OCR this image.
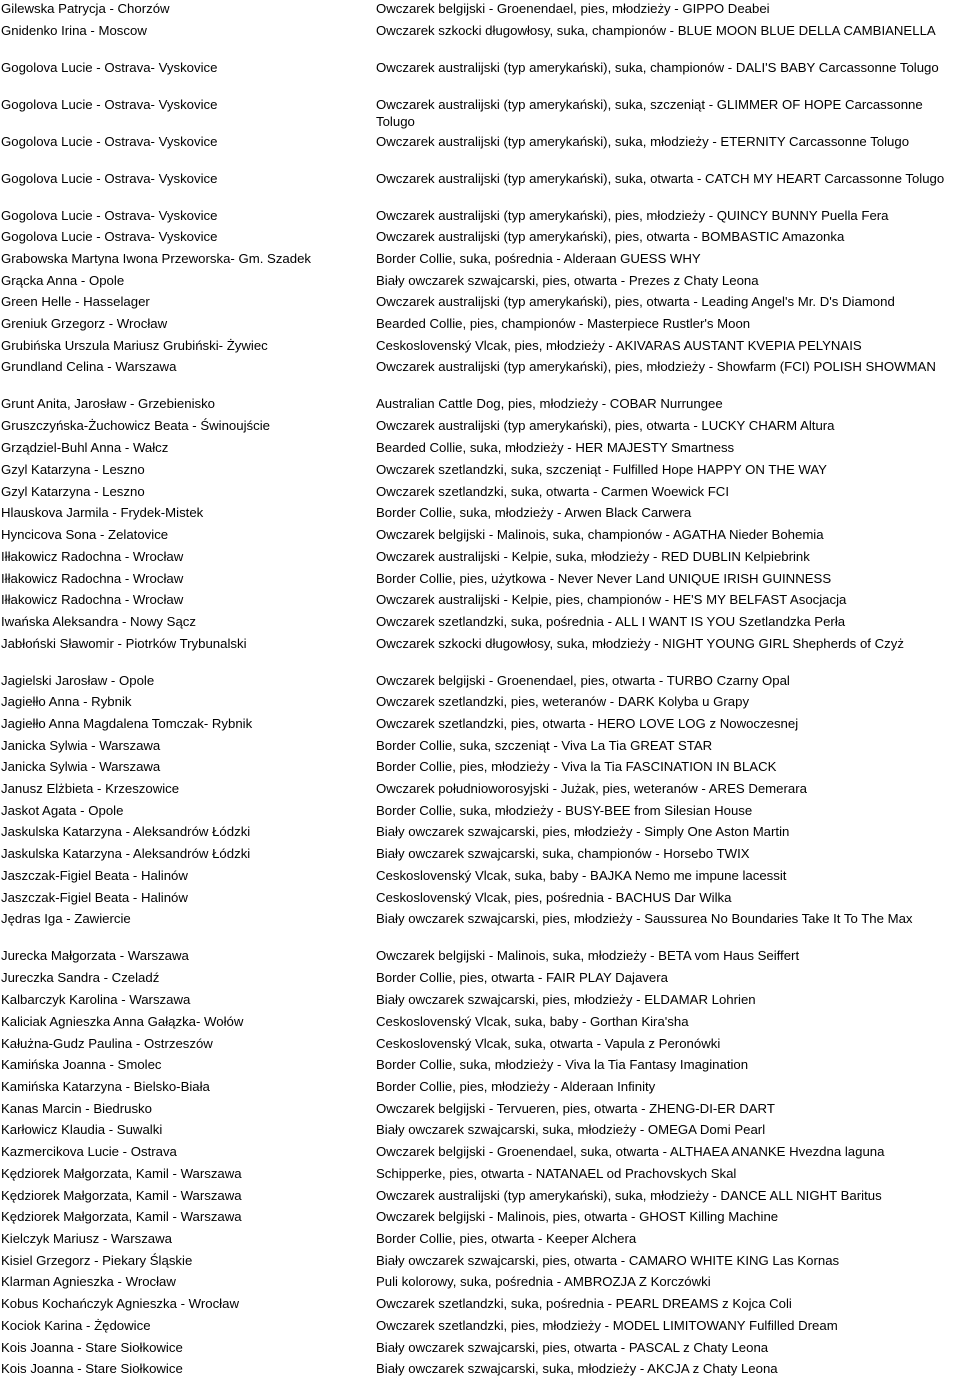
Gilewska Patrycja - Chorzów	Owczarek belgijski - Groenendael, pies, młodzieży - GIPPO Deabei
Gnidenko Irina - Moscow	Owczarek szkocki długowłosy, suka, championów - BLUE MOON BLUE DELLA CAMBIANELLA
Gogolova Lucie - Ostrava- Vyskovice	Owczarek australijski (typ amerykański), suka, championów - DALI'S BABY Carcassonne Tolugo
Gogolova Lucie - Ostrava- Vyskovice	Owczarek australijski (typ amerykański), suka, szczeniąt - GLIMMER OF HOPE Carcassonne Tolugo
Gogolova Lucie - Ostrava- Vyskovice	Owczarek australijski (typ amerykański), suka, młodzieży - ETERNITY Carcassonne Tolugo
Gogolova Lucie - Ostrava- Vyskovice	Owczarek australijski (typ amerykański), suka, otwarta - CATCH MY HEART Carcassonne Tolugo
Gogolova Lucie - Ostrava- Vyskovice	Owczarek australijski (typ amerykański), pies, młodzieży - QUINCY BUNNY Puella Fera
Gogolova Lucie - Ostrava- Vyskovice	Owczarek australijski (typ amerykański), pies, otwarta - BOMBASTIC Amazonka
Grabowska Martyna Iwona Przeworska- Gm. Szadek	Border Collie, suka, pośrednia - Alderaan GUESS WHY
Grącka Anna - Opole	Biały owczarek szwajcarski, pies, otwarta - Prezes z Chaty Leona
Green Helle - Hasselager	Owczarek australijski (typ amerykański), pies, otwarta - Leading Angel's Mr. D's Diamond
Greniuk Grzegorz - Wrocław	Bearded Collie, pies, championów - Masterpiece Rustler's Moon
Grubińska Urszula Mariusz Grubiński- Żywiec	Ceskoslovenský Vlcak, pies, młodzieży - AKIVARAS AUSTANT KVEPIA PELYNAIS
Grundland Celina - Warszawa	Owczarek australijski (typ amerykański), pies, młodzieży - Showfarm (FCI) POLISH SHOWMAN
Grunt Anita, Jarosław - Grzebienisko	Australian Cattle Dog, pies, młodzieży - COBAR Nurrungee
Gruszczyńska-Żuchowicz Beata - Świnoujście	Owczarek australijski (typ amerykański), pies, otwarta - LUCKY CHARM Altura
Grządziel-Buhl Anna - Wałcz	Bearded Collie, suka, młodzieży - HER MAJESTY Smartness
Gzyl Katarzyna - Leszno	Owczarek szetlandzki, suka, szczeniąt - Fulfilled Hope HAPPY ON THE WAY
Gzyl Katarzyna - Leszno	Owczarek szetlandzki, suka, otwarta - Carmen Woewick FCI
Hlauskova Jarmila - Frydek-Mistek	Border Collie, suka, młodzieży - Arwen Black Carwera
Hyncicova Sona - Zelatovice	Owczarek belgijski - Malinois, suka, championów - AGATHA Nieder Bohemia
Iłłakowicz Radochna - Wrocław	Owczarek australijski - Kelpie, suka, młodzieży - RED DUBLIN Kelpiebrink
Iłłakowicz Radochna - Wrocław	Border Collie, pies, użytkowa - Never Never Land UNIQUE IRISH GUINNESS
Iłłakowicz Radochna - Wrocław	Owczarek australijski - Kelpie, pies, championów - HE'S MY BELFAST Asocjacja
Iwańska Aleksandra - Nowy Sącz	Owczarek szetlandzki, suka, pośrednia - ALL I WANT IS YOU Szetlandzka Perła
Jabłoński Sławomir - Piotrków Trybunalski	Owczarek szkocki długowłosy, suka, młodzieży - NIGHT YOUNG GIRL Shepherds of Czyż
Jagielski Jarosław - Opole	Owczarek belgijski - Groenendael, pies, otwarta - TURBO Czarny Opal
Jagiełło Anna - Rybnik	Owczarek szetlandzki, pies, weteranów - DARK Kolyba u Grapy
Jagiełło Anna Magdalena Tomczak- Rybnik	Owczarek szetlandzki, pies, otwarta - HERO LOVE LOG z Nowoczesnej
Janicka Sylwia - Warszawa	Border Collie, suka, szczeniąt - Viva La Tia GREAT STAR
Janicka Sylwia - Warszawa	Border Collie, pies, młodzieży - Viva la Tia FASCINATION IN BLACK
Janusz Elżbieta - Krzeszowice	Owczarek południoworosyjski - Jużak, pies, weteranów - ARES Demerara
Jaskot Agata - Opole	Border Collie, suka, młodzieży - BUSY-BEE from Silesian House
Jaskulska Katarzyna - Aleksandrów Łódzki	Biały owczarek szwajcarski, pies, młodzieży - Simply One Aston Martin
Jaskulska Katarzyna - Aleksandrów Łódzki	Biały owczarek szwajcarski, suka, championów - Horsebo TWIX
Jaszczak-Figiel Beata - Halinów	Ceskoslovenský Vlcak, suka, baby - BAJKA Nemo me impune lacessit
Jaszczak-Figiel Beata - Halinów	Ceskoslovenský Vlcak, pies, pośrednia - BACHUS Dar Wilka
Jędras Iga - Zawiercie	Biały owczarek szwajcarski, pies, młodzieży - Saussurea No Boundaries Take It To The Max
Jurecka Małgorzata - Warszawa	Owczarek belgijski - Malinois, suka, młodzieży - BETA vom Haus Seiffert
Jureczka Sandra - Czeladź	Border Collie, pies, otwarta - FAIR PLAY Dajavera
Kalbarczyk Karolina - Warszawa	Biały owczarek szwajcarski, pies, młodzieży - ELDAMAR Lohrien
Kaliciak Agnieszka Anna Gałązka- Wołów	Ceskoslovenský Vlcak, suka, baby - Gorthan Kira'sha
Kałużna-Gudz Paulina - Ostrzeszów	Ceskoslovenský Vlcak, suka, otwarta - Vapula z Peronówki
Kamińska Joanna - Smolec	Border Collie, suka, młodzieży - Viva la Tia Fantasy Imagination
Kamińska Katarzyna - Bielsko-Biała	Border Collie, pies, młodzieży - Alderaan Infinity
Kanas Marcin - Biedrusko	Owczarek belgijski - Tervueren, pies, otwarta - ZHENG-DI-ER DART
Karłowicz Klaudia - Suwalki	Biały owczarek szwajcarski, suka, młodzieży - OMEGA Domi Pearl
Kazmercikova Lucie - Ostrava	Owczarek belgijski - Groenendael, suka, otwarta - ALTHAEA ANANKE Hvezdna laguna
Kędziorek Małgorzata, Kamil - Warszawa	Schipperke, pies, otwarta - NATANAEL od Prachovskych Skal
Kędziorek Małgorzata, Kamil - Warszawa	Owczarek australijski (typ amerykański), suka, młodzieży - DANCE ALL NIGHT Baritus
Kędziorek Małgorzata, Kamil - Warszawa	Owczarek belgijski - Malinois, pies, otwarta - GHOST Killing Machine
Kielczyk Mariusz - Warszawa	Border Collie, pies, otwarta - Keeper Alchera
Kisiel Grzegorz - Piekary Śląskie	Biały owczarek szwajcarski, pies, otwarta - CAMARO WHITE KING Las Kornas
Klarman Agnieszka - Wrocław	Puli kolorowy, suka, pośrednia - AMBROZJA Z Korczówki
Kobus Kochańczyk Agnieszka - Wrocław	Owczarek szetlandzki, suka, pośrednia - PEARL DREAMS z Kojca Coli
Kociok Karina - Żędowice	Owczarek szetlandzki, pies, młodzieży - MODEL LIMITOWANY Fulfilled Dream
Kois Joanna - Stare Siołkowice	Biały owczarek szwajcarski, pies, otwarta - PASCAL z Chaty Leona
Kois Joanna - Stare Siołkowice	Biały owczarek szwajcarski, suka, młodzieży - AKCJA z Chaty Leona
